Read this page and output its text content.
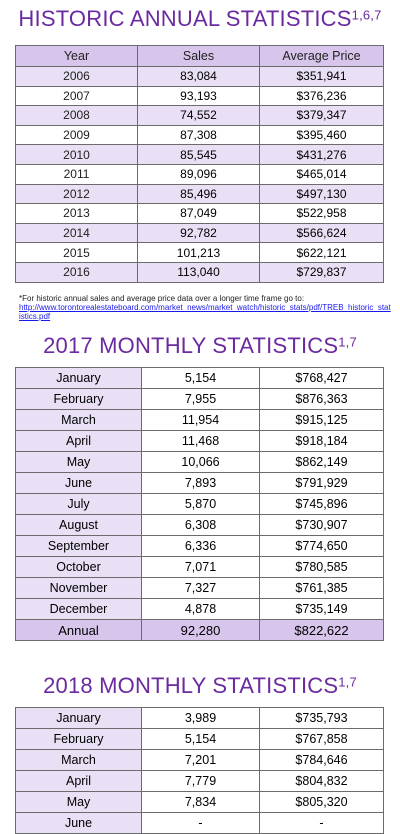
HISTORIC ANNUAL STATISTICS$^{1,6,7}$
Year	Sales	Average Price
2006	83,084	$351,941
2007	93,193	$376,236
2008	74,552	$379,347
2009	87,308	$395,460
2010	85,545	$431,276
2011	89,096	$465,014
2012	85,496	$497,130
2013	87,049	$522,958
2014	92,782	$566,624
2015	101,213	$622,121
2016	113,040	$729,837
*For historic annual sales and average price data over a longer time frame go to:
http://www.torontorealestateboard.com/market_news/market_watch/historic_stats/pdf/TREB_historic_statistics.pdf
2017 MONTHLY STATISTICS$^{1,7}$
January	5,154	$768,427
February	7,955	$876,363
March	11,954	$915,125
April	11,468	$918,184
May	10,066	$862,149
June	7,893	$791,929
July	5,870	$745,896
August	6,308	$730,907
September	6,336	$774,650
October	7,071	$780,585
November	7,327	$761,385
December	4,878	$735,149
Annual	92,280	$822,622
2018 MONTHLY STATISTICS$^{1,7}$
January	3,989	$735,793
February	5,154	$767,858
March	7,201	$784,646
April	7,779	$804,832
May	7,834	$805,320
June	-	-
